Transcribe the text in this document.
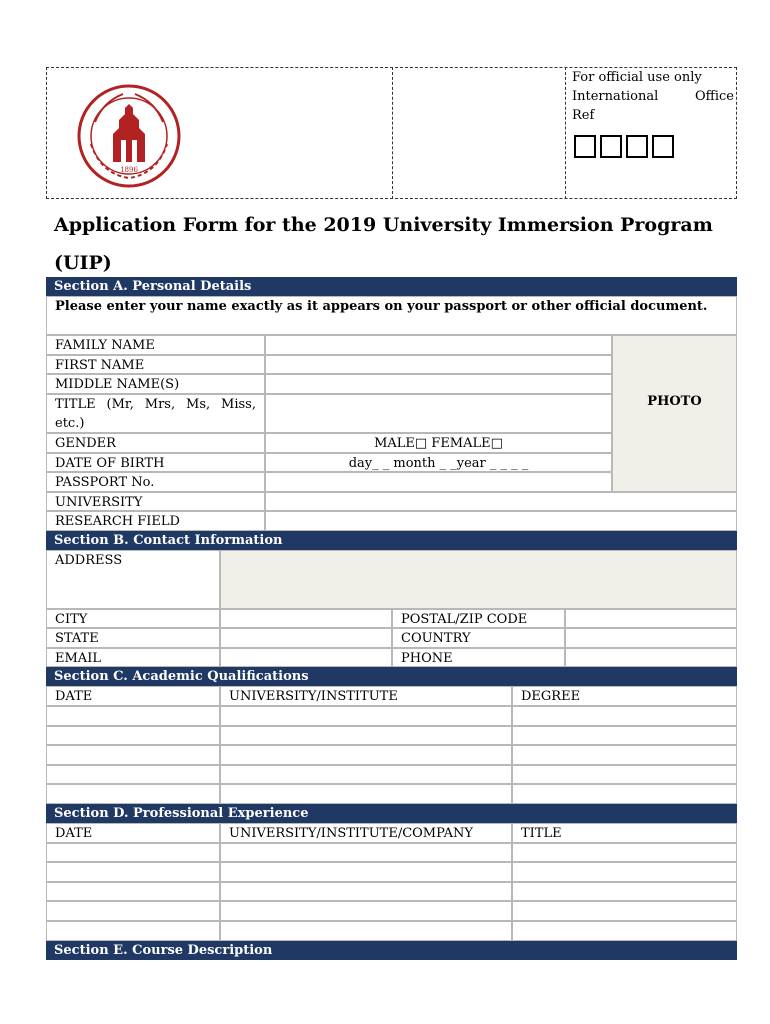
1896
For official use only
International	Office
Ref
Application Form for the 2019 University Immersion Program (UIP)
Section A. Personal Details
Please enter your name exactly as it appears on your passport or other official document.
FAMILY NAME
FIRST NAME
MIDDLE NAME(S)
TITLE (Mr, Mrs, Ms, Miss, etc.)
GENDER	MALE□ FEMALE□
DATE OF BIRTH	day_ _ month _ _year _ _ _ _
PASSPORT No.
PHOTO
UNIVERSITY
RESEARCH FIELD
Section B. Contact Information
ADDRESS
CITY	POSTAL/ZIP CODE
STATE	COUNTRY
EMAIL	PHONE
Section C. Academic Qualifications
DATE	UNIVERSITY/INSTITUTE	DEGREE
Section D. Professional Experience
DATE	UNIVERSITY/INSTITUTE/COMPANY	TITLE
Section E. Course Description
